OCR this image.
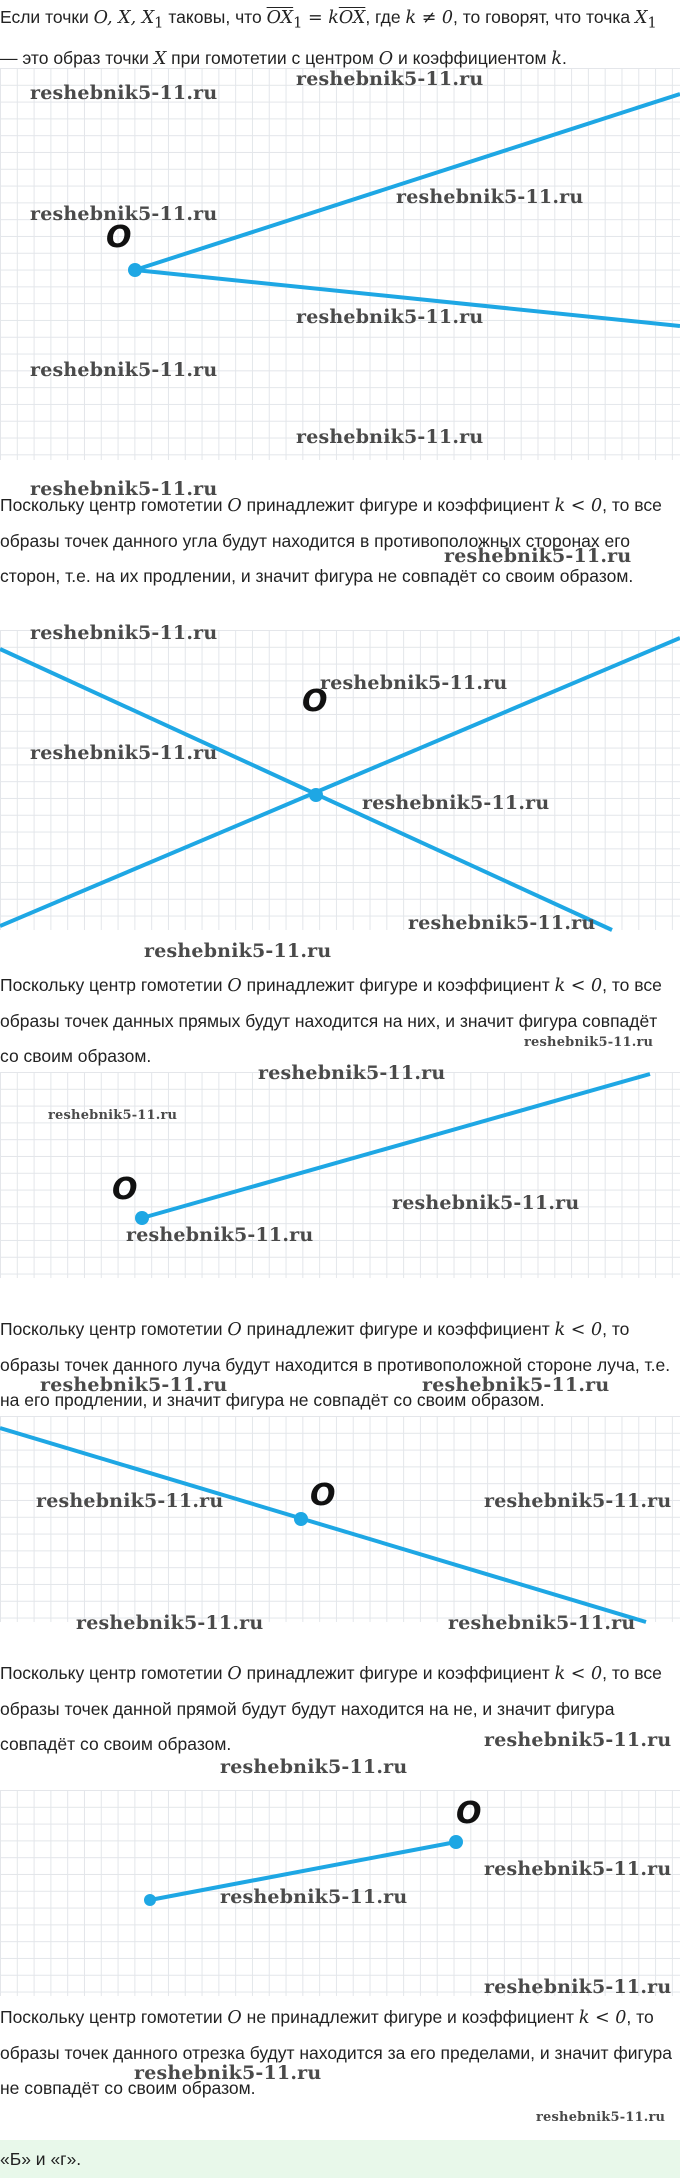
Если точки O, X, $X_1$ таковы, что $\overline{OX}_1 = k\overline{OX}$, где k ≠ 0, то говорят, что точка $X_1$ — это образ точки X при гомотетии с центром O и коэффициентом k.

O
reshebnik5-11.ru
reshebnik5-11.ru
reshebnik5-11.ru
reshebnik5-11.ru
reshebnik5-11.ru
reshebnik5-11.ru
reshebnik5-11.ru

Поскольку центр гомотетии O принадлежит фигуре и коэффициент k < 0, то все образы точек данного угла будут находится в противоположных сторонах его сторон, т.е. на их продлении, и значит фигура не совпадёт со своим образом.

reshebnik5-11.ru
reshebnik5-11.ru
O
reshebnik5-11.ru
reshebnik5-11.ru
reshebnik5-11.ru
reshebnik5-11.ru
reshebnik5-11.ru
reshebnik5-11.ru

Поскольку центр гомотетии O принадлежит фигуре и коэффициент k < 0, то все образы точек данных прямых будут находится на них, и значит фигура совпадёт со своим образом.

reshebnik5-11.ru
O
reshebnik5-11.ru
reshebnik5-11.ru
reshebnik5-11.ru
reshebnik5-11.ru

Поскольку центр гомотетии O принадлежит фигуре и коэффициент k < 0, то образы точек данного луча будут находится в противоположной стороне луча, т.е. на его продлении, и значит фигура не совпадёт со своим образом.

reshebnik5-11.ru	reshebnik5-11.ru
O
reshebnik5-11.ru	reshebnik5-11.ru
reshebnik5-11.ru	reshebnik5-11.ru

Поскольку центр гомотетии O принадлежит фигуре и коэффициент k < 0, то все образы точек данной прямой будут будут находится на не, и значит фигура совпадёт со своим образом.	reshebnik5-11.ru
reshebnik5-11.ru
O
reshebnik5-11.ru
reshebnik5-11.ru
reshebnik5-11.ru

Поскольку центр гомотетии O не принадлежит фигуре и коэффициент k < 0, то образы точек данного отрезка будут находится за его пределами, и значит фигура не совпадёт со своим образом.

reshebnik5-11.ru
reshebnik5-11.ru
«Б» и «г».
